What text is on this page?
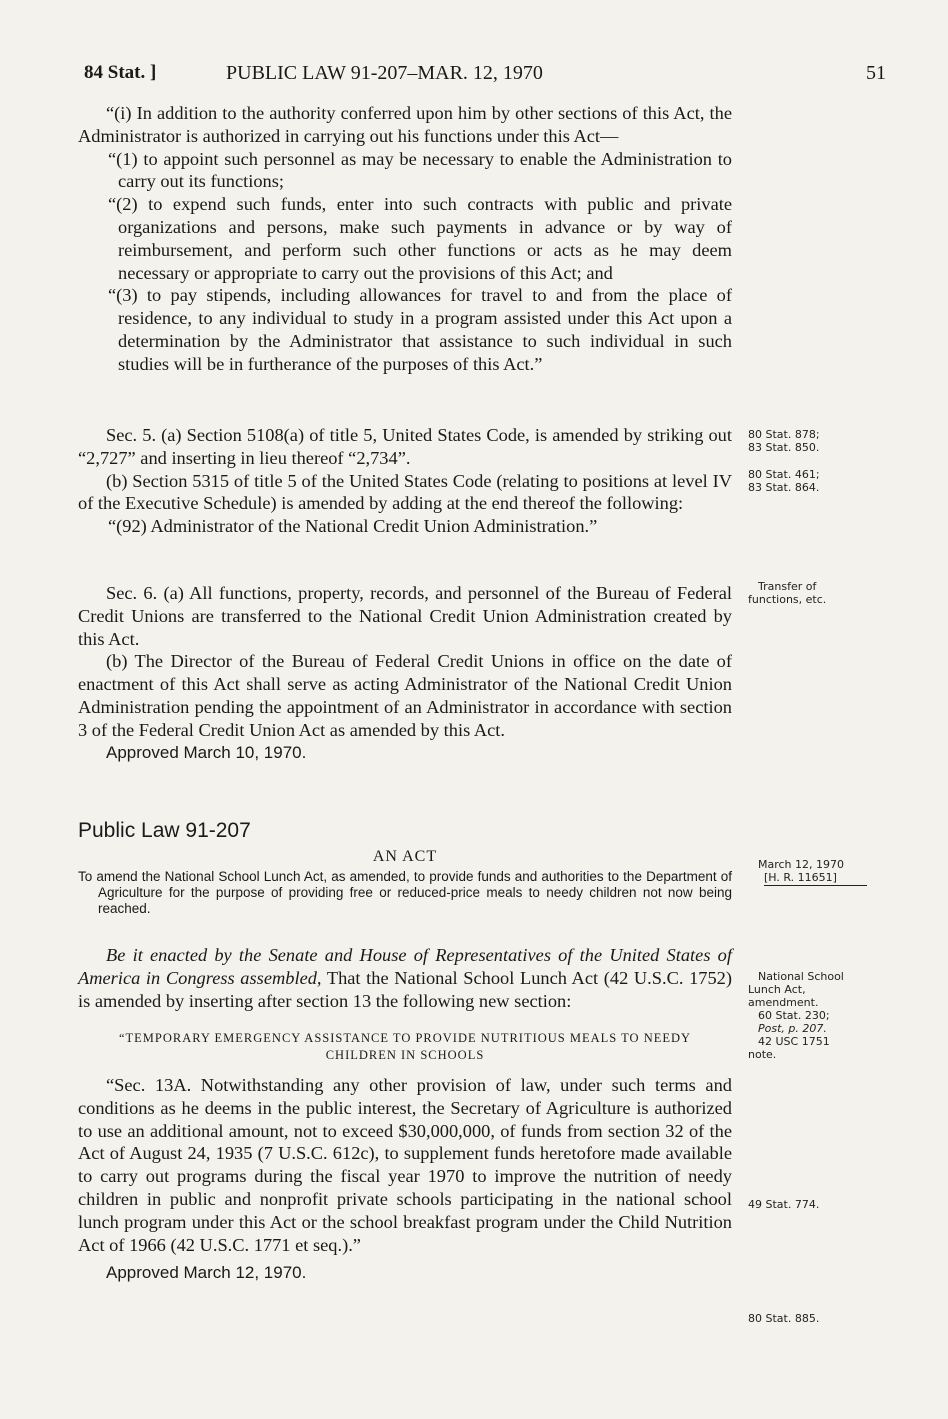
84 Stat. ]	PUBLIC LAW 91-207–MAR. 12, 1970	51

“(i) In addition to the authority conferred upon him by other sections of this Act, the Administrator is authorized in carrying out his functions under this Act—

“(1) to appoint such personnel as may be necessary to enable the Administration to carry out its functions;

“(2) to expend such funds, enter into such contracts with public and private organizations and persons, make such payments in advance or by way of reimbursement, and perform such other functions or acts as he may deem necessary or appropriate to carry out the provisions of this Act; and

“(3) to pay stipends, including allowances for travel to and from the place of residence, to any individual to study in a program assisted under this Act upon a determination by the Administrator that assistance to such individual in such studies will be in furtherance of the purposes of this Act.”

Sec. 5. (a) Section 5108(a) of title 5, United States Code, is amended by striking out “2,727” and inserting in lieu thereof “2,734”.

(b) Section 5315 of title 5 of the United States Code (relating to positions at level IV of the Executive Schedule) is amended by adding at the end thereof the following:

“(92) Administrator of the National Credit Union Administration.”

Sec. 6. (a) All functions, property, records, and personnel of the Bureau of Federal Credit Unions are transferred to the National Credit Union Administration created by this Act.

(b) The Director of the Bureau of Federal Credit Unions in office on the date of enactment of this Act shall serve as acting Administrator of the National Credit Union Administration pending the appointment of an Administrator in accordance with section 3 of the Federal Credit Union Act as amended by this Act.

Approved March 10, 1970.

Public Law 91-207

AN ACT

To amend the National School Lunch Act, as amended, to provide funds and authorities to the Department of Agriculture for the purpose of providing free or reduced-price meals to needy children not now being reached.

Be it enacted by the Senate and House of Representatives of the United States of America in Congress assembled, That the National School Lunch Act (42 U.S.C. 1752) is amended by inserting after section 13 the following new section:

“TEMPORARY EMERGENCY ASSISTANCE TO PROVIDE NUTRITIOUS MEALS TO NEEDY CHILDREN IN SCHOOLS

“Sec. 13A. Notwithstanding any other provision of law, under such terms and conditions as he deems in the public interest, the Secretary of Agriculture is authorized to use an additional amount, not to exceed $30,000,000, of funds from section 32 of the Act of August 24, 1935 (7 U.S.C. 612c), to supplement funds heretofore made available to carry out programs during the fiscal year 1970 to improve the nutrition of needy children in public and nonprofit private schools participating in the national school lunch program under this Act or the school breakfast program under the Child Nutrition Act of 1966 (42 U.S.C. 1771 et seq.).”

Approved March 12, 1970.

80 Stat. 878;
83 Stat. 850.
80 Stat. 461;
83 Stat. 864.
Transfer of
functions, etc.
March 12, 1970
[H. R. 11651]
National School
Lunch Act,
amendment.
60 Stat. 230;
Post, p. 207.
42 USC 1751
note.
49 Stat. 774.
80 Stat. 885.
